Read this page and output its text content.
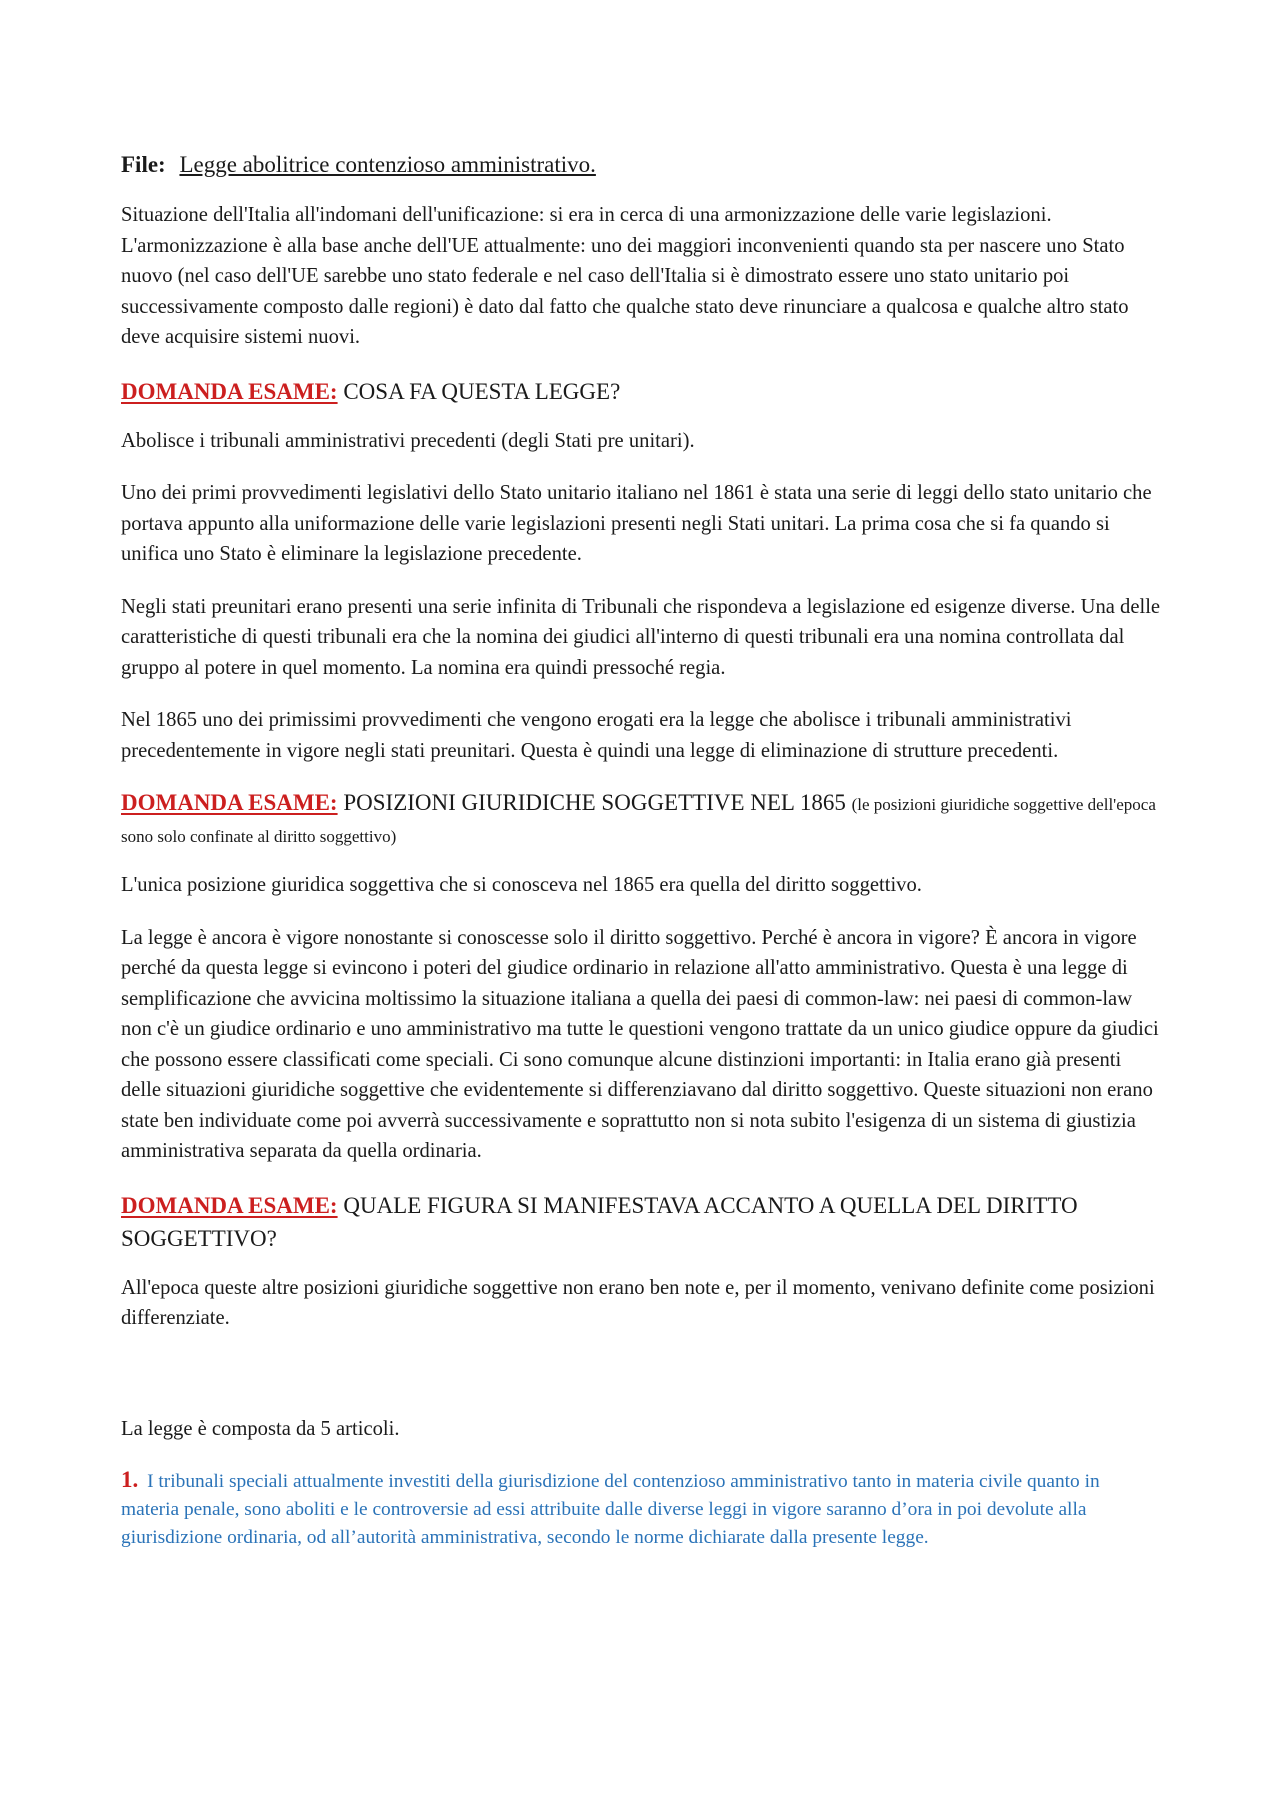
File: Legge abolitrice contenzioso amministrativo.

Situazione dell'Italia all'indomani dell'unificazione: si era in cerca di una armonizzazione delle varie legislazioni. L'armonizzazione è alla base anche dell'UE attualmente: uno dei maggiori inconvenienti quando sta per nascere uno Stato nuovo (nel caso dell'UE sarebbe uno stato federale e nel caso dell'Italia si è dimostrato essere uno stato unitario poi successivamente composto dalle regioni) è dato dal fatto che qualche stato deve rinunciare a qualcosa e qualche altro stato deve acquisire sistemi nuovi.

DOMANDA ESAME: COSA FA QUESTA LEGGE?

Abolisce i tribunali amministrativi precedenti (degli Stati pre unitari).

Uno dei primi provvedimenti legislativi dello Stato unitario italiano nel 1861 è stata una serie di leggi dello stato unitario che portava appunto alla uniformazione delle varie legislazioni presenti negli Stati unitari. La prima cosa che si fa quando si unifica uno Stato è eliminare la legislazione precedente.

Negli stati preunitari erano presenti una serie infinita di Tribunali che rispondeva a legislazione ed esigenze diverse. Una delle caratteristiche di questi tribunali era che la nomina dei giudici all'interno di questi tribunali era una nomina controllata dal gruppo al potere in quel momento. La nomina era quindi pressoché regia.

Nel 1865 uno dei primissimi provvedimenti che vengono erogati era la legge che abolisce i tribunali amministrativi precedentemente in vigore negli stati preunitari. Questa è quindi una legge di eliminazione di strutture precedenti.

DOMANDA ESAME: POSIZIONI GIURIDICHE SOGGETTIVE NEL 1865 (le posizioni giuridiche soggettive dell'epoca sono solo confinate al diritto soggettivo)

L'unica posizione giuridica soggettiva che si conosceva nel 1865 era quella del diritto soggettivo.

La legge è ancora è vigore nonostante si conoscesse solo il diritto soggettivo. Perché è ancora in vigore? È ancora in vigore perché da questa legge si evincono i poteri del giudice ordinario in relazione all'atto amministrativo. Questa è una legge di semplificazione che avvicina moltissimo la situazione italiana a quella dei paesi di common-law: nei paesi di common-law non c'è un giudice ordinario e uno amministrativo ma tutte le questioni vengono trattate da un unico giudice oppure da giudici che possono essere classificati come speciali. Ci sono comunque alcune distinzioni importanti: in Italia erano già presenti delle situazioni giuridiche soggettive che evidentemente si differenziavano dal diritto soggettivo. Queste situazioni non erano state ben individuate come poi avverrà successivamente e soprattutto non si nota subito l'esigenza di un sistema di giustizia amministrativa separata da quella ordinaria.

DOMANDA ESAME: QUALE FIGURA SI MANIFESTAVA ACCANTO A QUELLA DEL DIRITTO SOGGETTIVO?

All'epoca queste altre posizioni giuridiche soggettive non erano ben note e, per il momento, venivano definite come posizioni differenziate.

La legge è composta da 5 articoli.

1. I tribunali speciali attualmente investiti della giurisdizione del contenzioso amministrativo tanto in materia civile quanto in materia penale, sono aboliti e le controversie ad essi attribuite dalle diverse leggi in vigore saranno d’ora in poi devolute alla giurisdizione ordinaria, od all’autorità amministrativa, secondo le norme dichiarate dalla presente legge.
